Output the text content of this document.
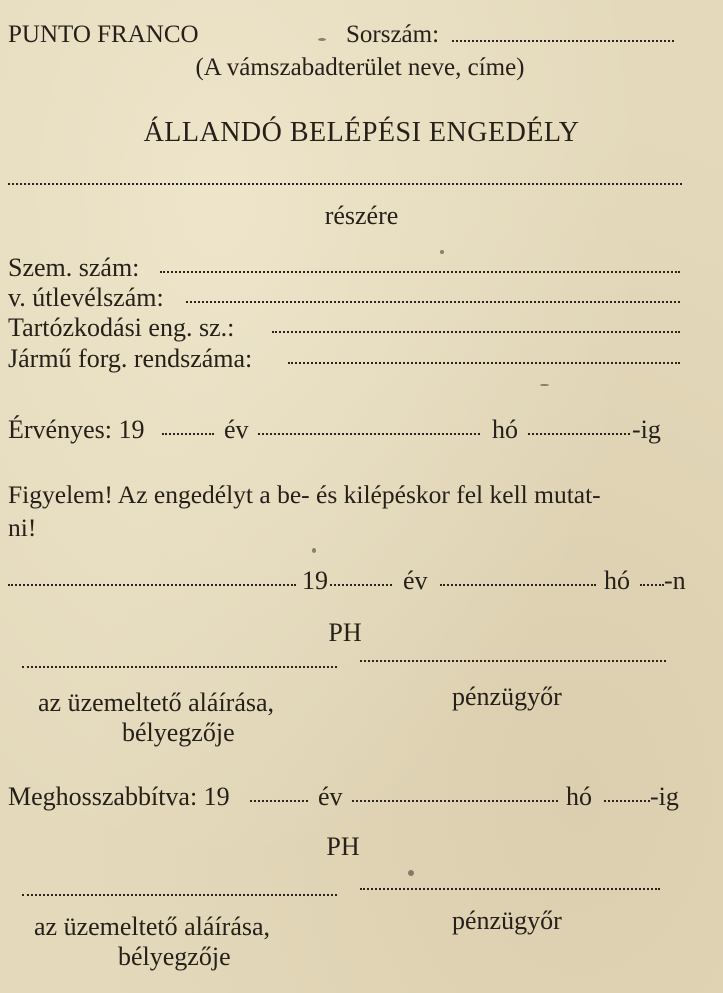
PUNTO FRANCO	Sorszám:
(A vámszabadterület neve, címe)
ÁLLANDÓ BELÉPÉSI ENGEDÉLY
részére
Szem. szám:
v. útlevélszám:
Tartózkodási eng. sz.:
Jármű forg. rendszáma:
Érvényes: 19	év	hó	-ig
Figyelem! Az engedélyt a be- és kilépéskor fel kell mutat-
ni!
19	év	hó -n
PH
az üzemeltető aláírása,
bélyegzője
pénzügyőr
Meghosszabbítva: 19	év	hó -ig
PH
az üzemeltető aláírása,
bélyegzője
pénzügyőr
